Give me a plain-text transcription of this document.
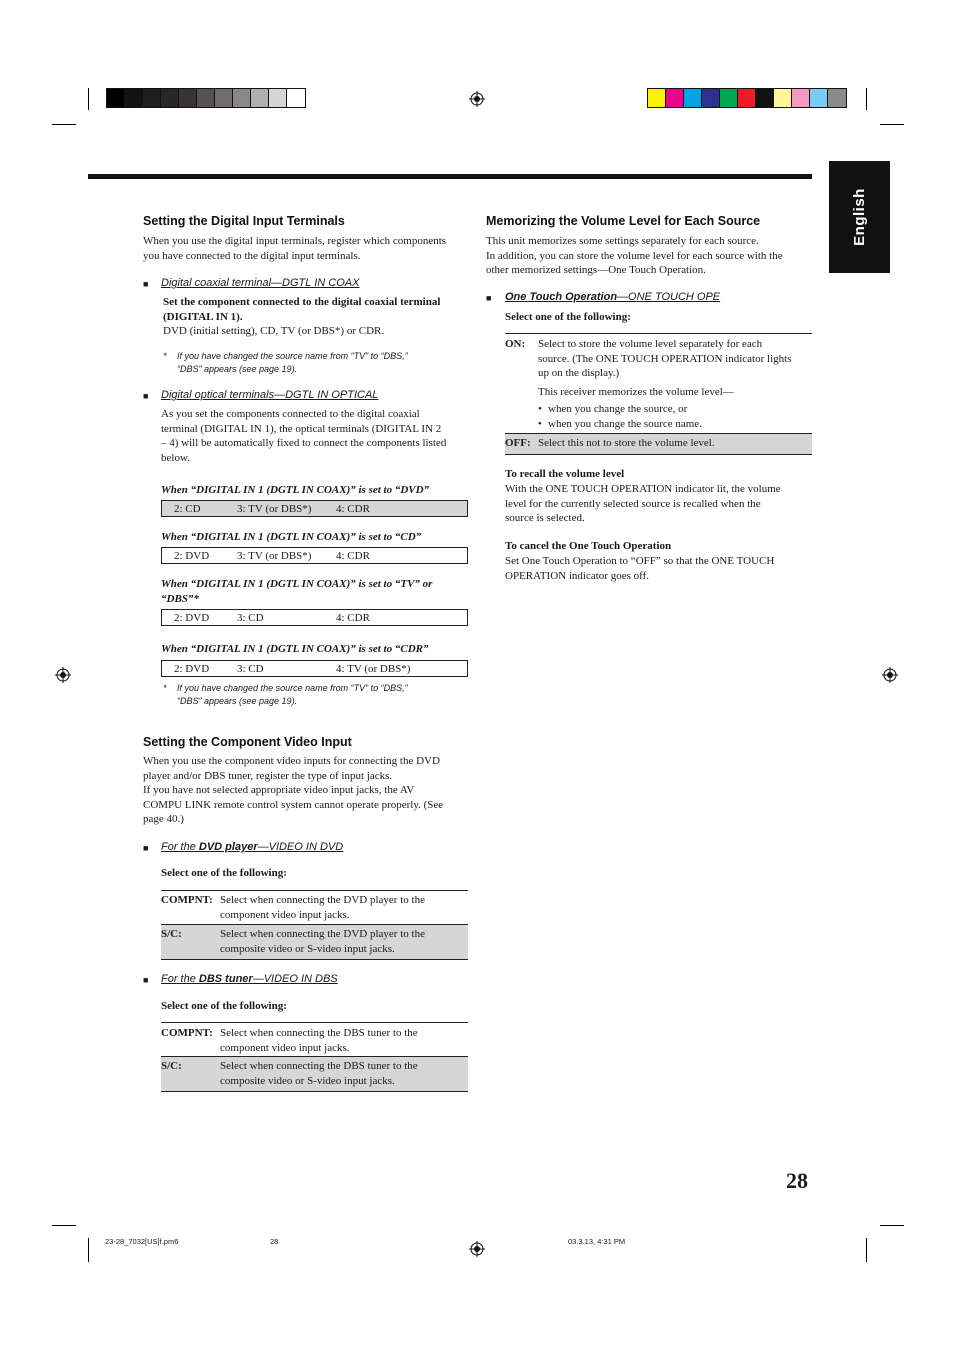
English
Setting the Digital Input Terminals
When you use the digital input terminals, register which components
you have connected to the digital input terminals.
■ Digital coaxial terminal—DGTL IN COAX
Set the component connected to the digital coaxial terminal
(DIGITAL IN 1).
DVD (initial setting), CD, TV (or DBS*) or CDR.
* If you have changed the source name from “TV” to “DBS,”
“DBS” appears (see page 19).
■ Digital optical terminals—DGTL IN OPTICAL
As you set the components connected to the digital coaxial
terminal (DIGITAL IN 1), the optical terminals (DIGITAL IN 2
– 4) will be automatically fixed to connect the components listed
below.
When “DIGITAL IN 1 (DGTL IN COAX)” is set to “DVD”
2: CD	3: TV (or DBS*) 4: CDR
When “DIGITAL IN 1 (DGTL IN COAX)” is set to “CD”
2: DVD	3: TV (or DBS*) 4: CDR
When “DIGITAL IN 1 (DGTL IN COAX)” is set to “TV” or
“DBS”*
2: DVD	3: CD	4: CDR
When “DIGITAL IN 1 (DGTL IN COAX)” is set to “CDR”
2: DVD	3: CD	4: TV (or DBS*)
* If you have changed the source name from “TV” to “DBS,”
“DBS” appears (see page 19).
Setting the Component Video Input
When you use the component video inputs for connecting the DVD
player and/or DBS tuner, register the type of input jacks.
If you have not selected appropriate video input jacks, the AV
COMPU LINK remote control system cannot operate properly. (See
page 40.)
■ For the DVD player—VIDEO IN DVD
Select one of the following:
COMPNT: Select when connecting the DVD player to the
component video input jacks.
S/C:	Select when connecting the DVD player to the
composite video or S-video input jacks.
■ For the DBS tuner—VIDEO IN DBS
Select one of the following:
COMPNT: Select when connecting the DBS tuner to the
component video input jacks.
S/C:	Select when connecting the DBS tuner to the
composite video or S-video input jacks.
Memorizing the Volume Level for Each Source
This unit memorizes some settings separately for each source.
In addition, you can store the volume level for each source with the
other memorized settings—One Touch Operation.
■ One Touch Operation—ONE TOUCH OPE
Select one of the following:
ON: Select to store the volume level separately for each
source. (The ONE TOUCH OPERATION indicator lights
up on the display.)
This receiver memorizes the volume level—
• when you change the source, or
• when you change the source name.
OFF: Select this not to store the volume level.
To recall the volume level
With the ONE TOUCH OPERATION indicator lit, the volume
level for the currently selected source is recalled when the
source is selected.
To cancel the One Touch Operation
Set One Touch Operation to “OFF” so that the ONE TOUCH
OPERATION indicator goes off.
28
23-28_7032[US]f.pm6	28	03.3.13, 4:31 PM
